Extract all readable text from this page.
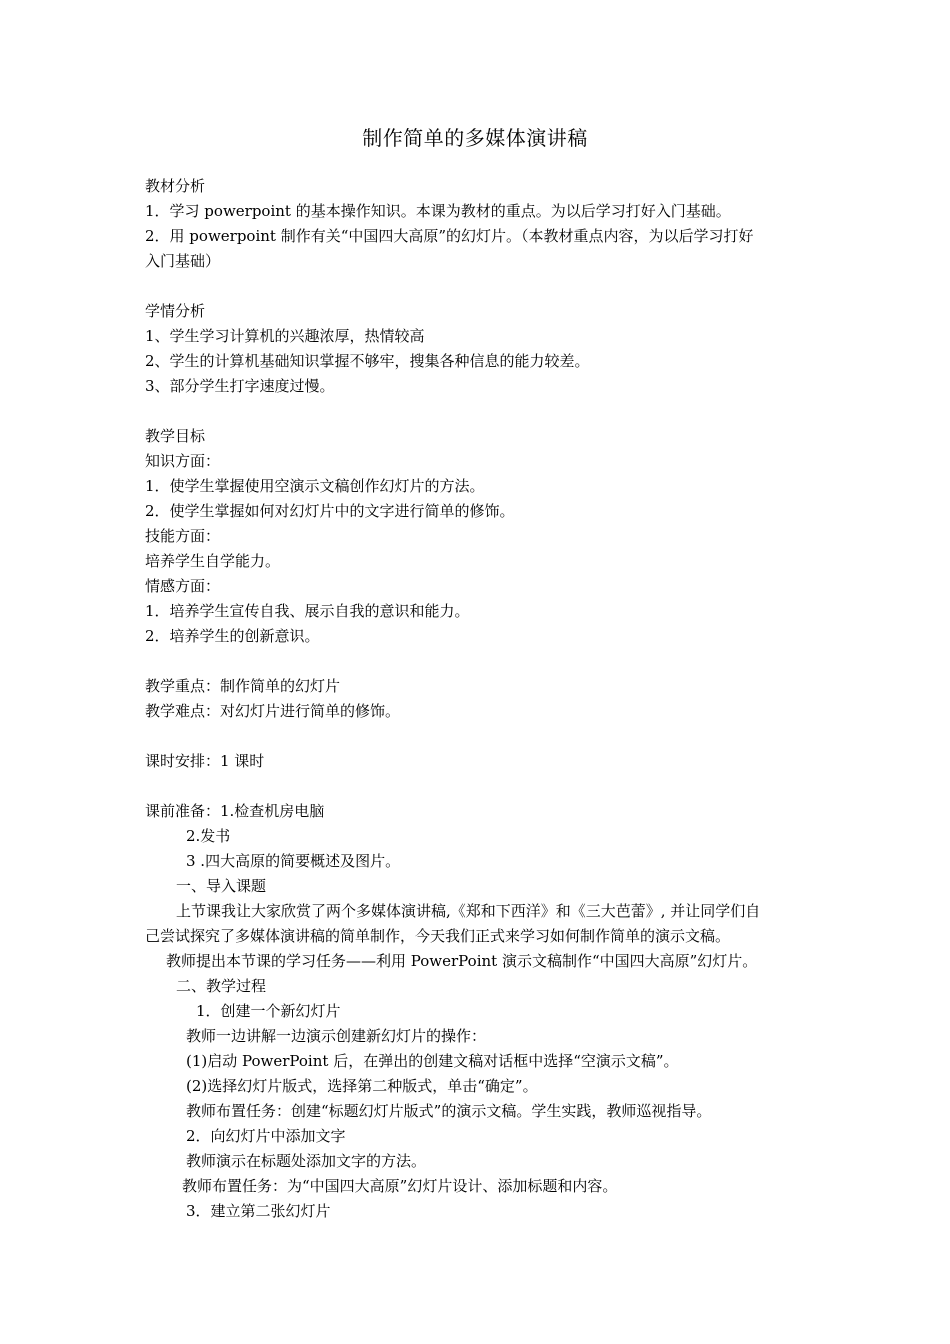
制作简单的多媒体演讲稿
教材分析
1．学习 powerpoint 的基本操作知识。本课为教材的重点。为以后学习打好入门基础。
2．用 powerpoint 制作有关“中国四大高原”的幻灯片。（本教材重点内容，为以后学习打好
入门基础）
学情分析
1、学生学习计算机的兴趣浓厚，热情较高
2、学生的计算机基础知识掌握不够牢，搜集各种信息的能力较差。
3、部分学生打字速度过慢。
教学目标
知识方面：
1．使学生掌握使用空演示文稿创作幻灯片的方法。
2．使学生掌握如何对幻灯片中的文字进行简单的修饰。
技能方面：
培养学生自学能力。
情感方面：
1．培养学生宣传自我、展示自我的意识和能力。
2．培养学生的创新意识。
教学重点：制作简单的幻灯片
教学难点：对幻灯片进行简单的修饰。
课时安排：1 课时
课前准备：1.检查机房电脑
2.发书
3 .四大高原的简要概述及图片。
一、导入课题
上节课我让大家欣赏了两个多媒体演讲稿,《郑和下西洋》和《三大芭蕾》, 并让同学们自
己尝试探究了多媒体演讲稿的简单制作，今天我们正式来学习如何制作简单的演示文稿。
教师提出本节课的学习任务——利用 PowerPoint 演示文稿制作“中国四大高原”幻灯片。
二、教学过程
1．创建一个新幻灯片
教师一边讲解一边演示创建新幻灯片的操作：
(1)启动 PowerPoint 后，在弹出的创建文稿对话框中选择“空演示文稿”。
(2)选择幻灯片版式，选择第二种版式，单击“确定”。
教师布置任务：创建“标题幻灯片版式”的演示文稿。学生实践，教师巡视指导。
2．向幻灯片中添加文字
教师演示在标题处添加文字的方法。
教师布置任务：为“中国四大高原”幻灯片设计、添加标题和内容。
3．建立第二张幻灯片
